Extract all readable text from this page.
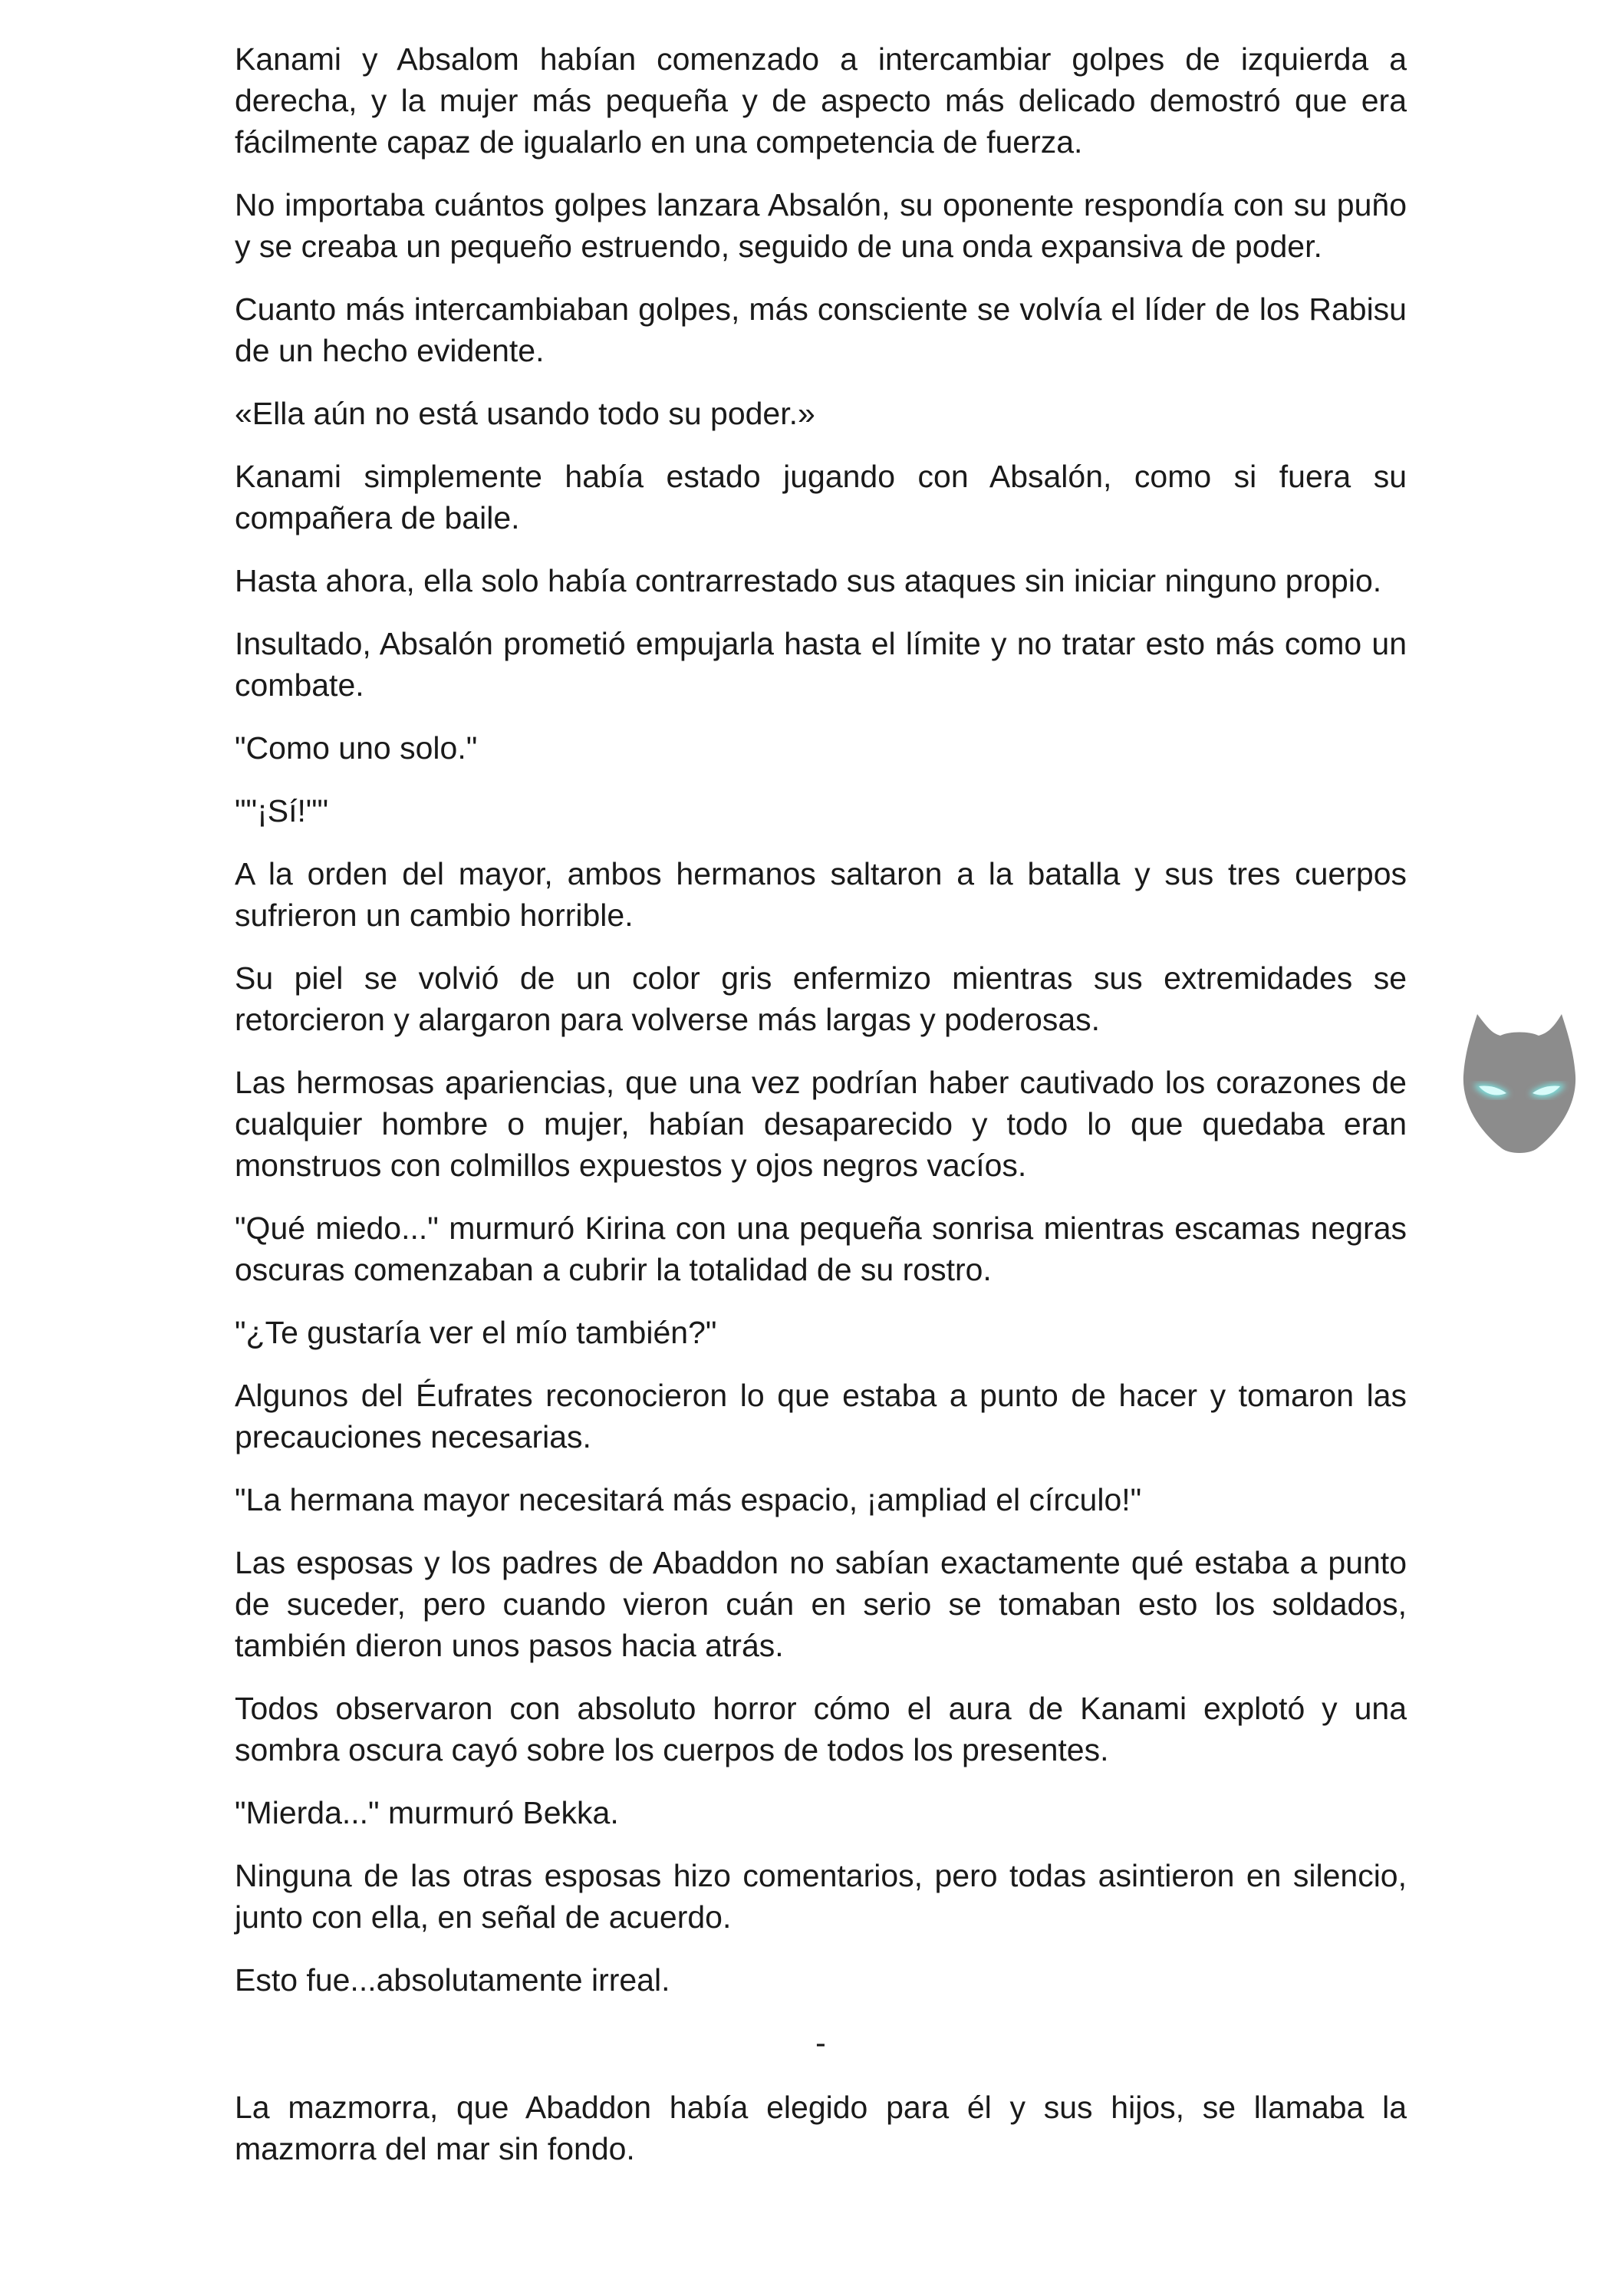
Kanami y Absalom habían comenzado a intercambiar golpes de izquierda a derecha, y la mujer más pequeña y de aspecto más delicado demostró que era fácilmente capaz de igualarlo en una competencia de fuerza.

No importaba cuántos golpes lanzara Absalón, su oponente respondía con su puño y se creaba un pequeño estruendo, seguido de una onda expansiva de poder.

Cuanto más intercambiaban golpes, más consciente se volvía el líder de los Rabisu de un hecho evidente.

«Ella aún no está usando todo su poder.»

Kanami simplemente había estado jugando con Absalón, como si fuera su compañera de baile.

Hasta ahora, ella solo había contrarrestado sus ataques sin iniciar ninguno propio.

Insultado, Absalón prometió empujarla hasta el límite y no tratar esto más como un combate.

"Como uno solo."

""¡Sí!""

A la orden del mayor, ambos hermanos saltaron a la batalla y sus tres cuerpos sufrieron un cambio horrible.

Su piel se volvió de un color gris enfermizo mientras sus extremidades se retorcieron y alargaron para volverse más largas y poderosas.

Las hermosas apariencias, que una vez podrían haber cautivado los corazones de cualquier hombre o mujer, habían desaparecido y todo lo que quedaba eran monstruos con colmillos expuestos y ojos negros vacíos.

"Qué miedo..." murmuró Kirina con una pequeña sonrisa mientras escamas negras oscuras comenzaban a cubrir la totalidad de su rostro.

"¿Te gustaría ver el mío también?"

Algunos del Éufrates reconocieron lo que estaba a punto de hacer y tomaron las precauciones necesarias.

"La hermana mayor necesitará más espacio, ¡ampliad el círculo!"

Las esposas y los padres de Abaddon no sabían exactamente qué estaba a punto de suceder, pero cuando vieron cuán en serio se tomaban esto los soldados, también dieron unos pasos hacia atrás.

Todos observaron con absoluto horror cómo el aura de Kanami explotó y una sombra oscura cayó sobre los cuerpos de todos los presentes.

"Mierda..." murmuró Bekka.

Ninguna de las otras esposas hizo comentarios, pero todas asintieron en silencio, junto con ella, en señal de acuerdo.

Esto fue...absolutamente irreal.

-

La mazmorra, que Abaddon había elegido para él y sus hijos, se llamaba la mazmorra del mar sin fondo.
